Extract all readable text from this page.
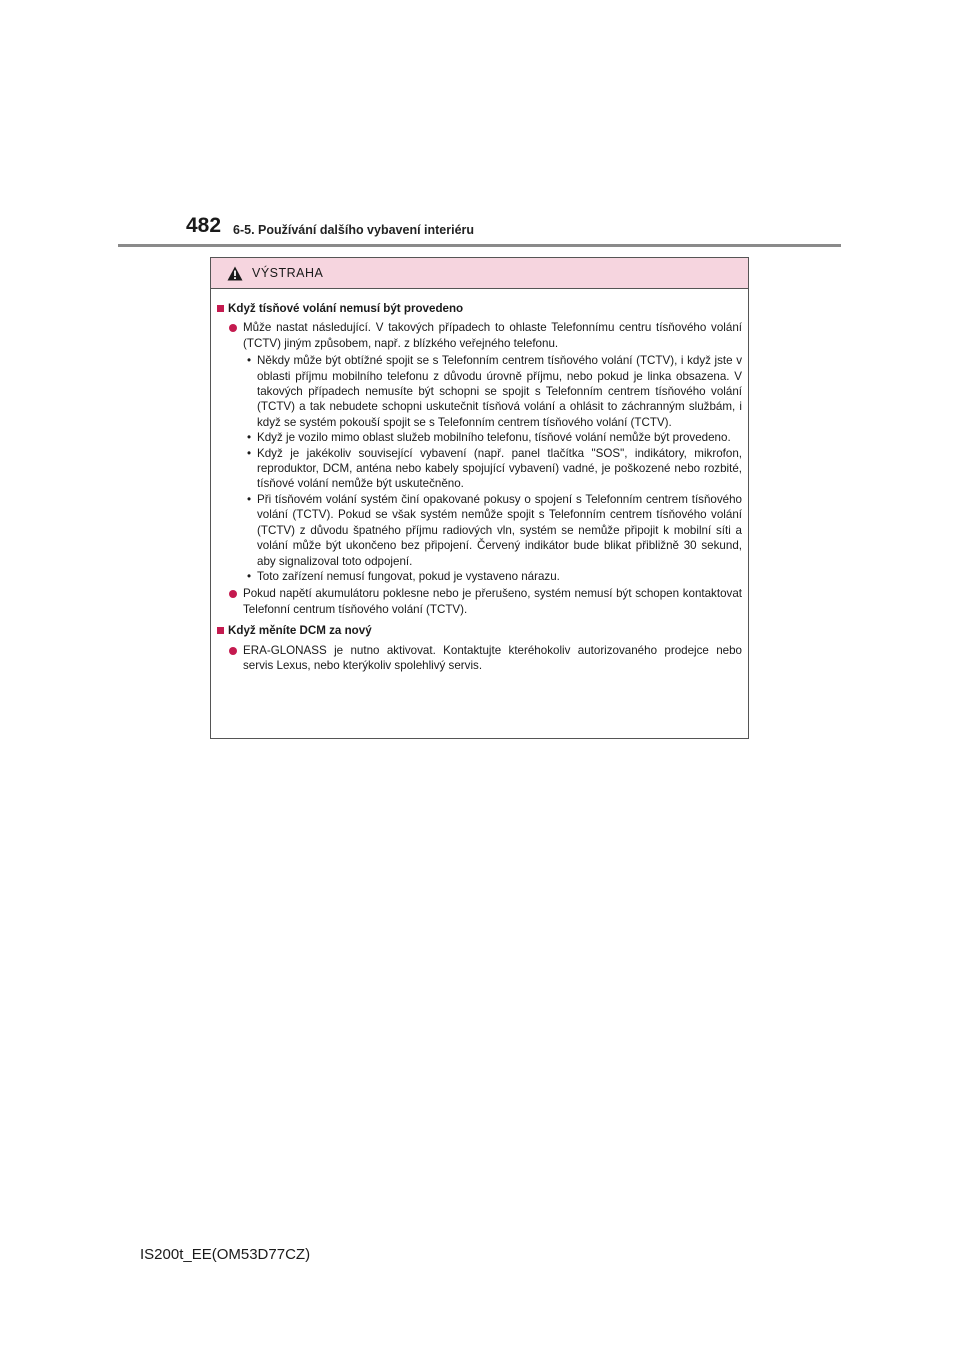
482 6-5. Používání dalšího vybavení interiéru
VÝSTRAHA
Když tísňové volání nemusí být provedeno
Může nastat následující. V takových případech to ohlaste Telefonnímu centru tísňového volání (TCTV) jiným způsobem, např. z blízkého veřejného telefonu.
• Někdy může být obtížné spojit se s Telefonním centrem tísňového volání (TCTV), i když jste v oblasti příjmu mobilního telefonu z důvodu úrovně příjmu, nebo pokud je linka obsazena. V takových případech nemusíte být schopni se spojit s Telefonním centrem tísňového volání (TCTV) a tak nebudete schopni uskutečnit tísňová volání a ohlásit to záchranným službám, i když se systém pokouší spojit se s Telefonním centrem tísňového volání (TCTV).
• Když je vozilo mimo oblast služeb mobilního telefonu, tísňové volání nemůže být provedeno.
• Když je jakékoliv související vybavení (např. panel tlačítka "SOS", indikátory, mikrofon, reproduktor, DCM, anténa nebo kabely spojující vybavení) vadné, je poškozené nebo rozbité, tísňové volání nemůže být uskutečněno.
• Při tísňovém volání systém činí opakované pokusy o spojení s Telefonním centrem tísňového volání (TCTV). Pokud se však systém nemůže spojit s Telefonním centrem tísňového volání (TCTV) z důvodu špatného příjmu radiových vln, systém se nemůže připojit k mobilní síti a volání může být ukončeno bez připojení. Červený indikátor bude blikat přibližně 30 sekund, aby signalizoval toto odpojení.
• Toto zařízení nemusí fungovat, pokud je vystaveno nárazu.
Pokud napětí akumulátoru poklesne nebo je přerušeno, systém nemusí být schopen kontaktovat Telefonní centrum tísňového volání (TCTV).
Když měníte DCM za nový
ERA-GLONASS je nutno aktivovat. Kontaktujte kteréhokoliv autorizovaného prodejce nebo servis Lexus, nebo kterýkoliv spolehlivý servis.
IS200t_EE(OM53D77CZ)
